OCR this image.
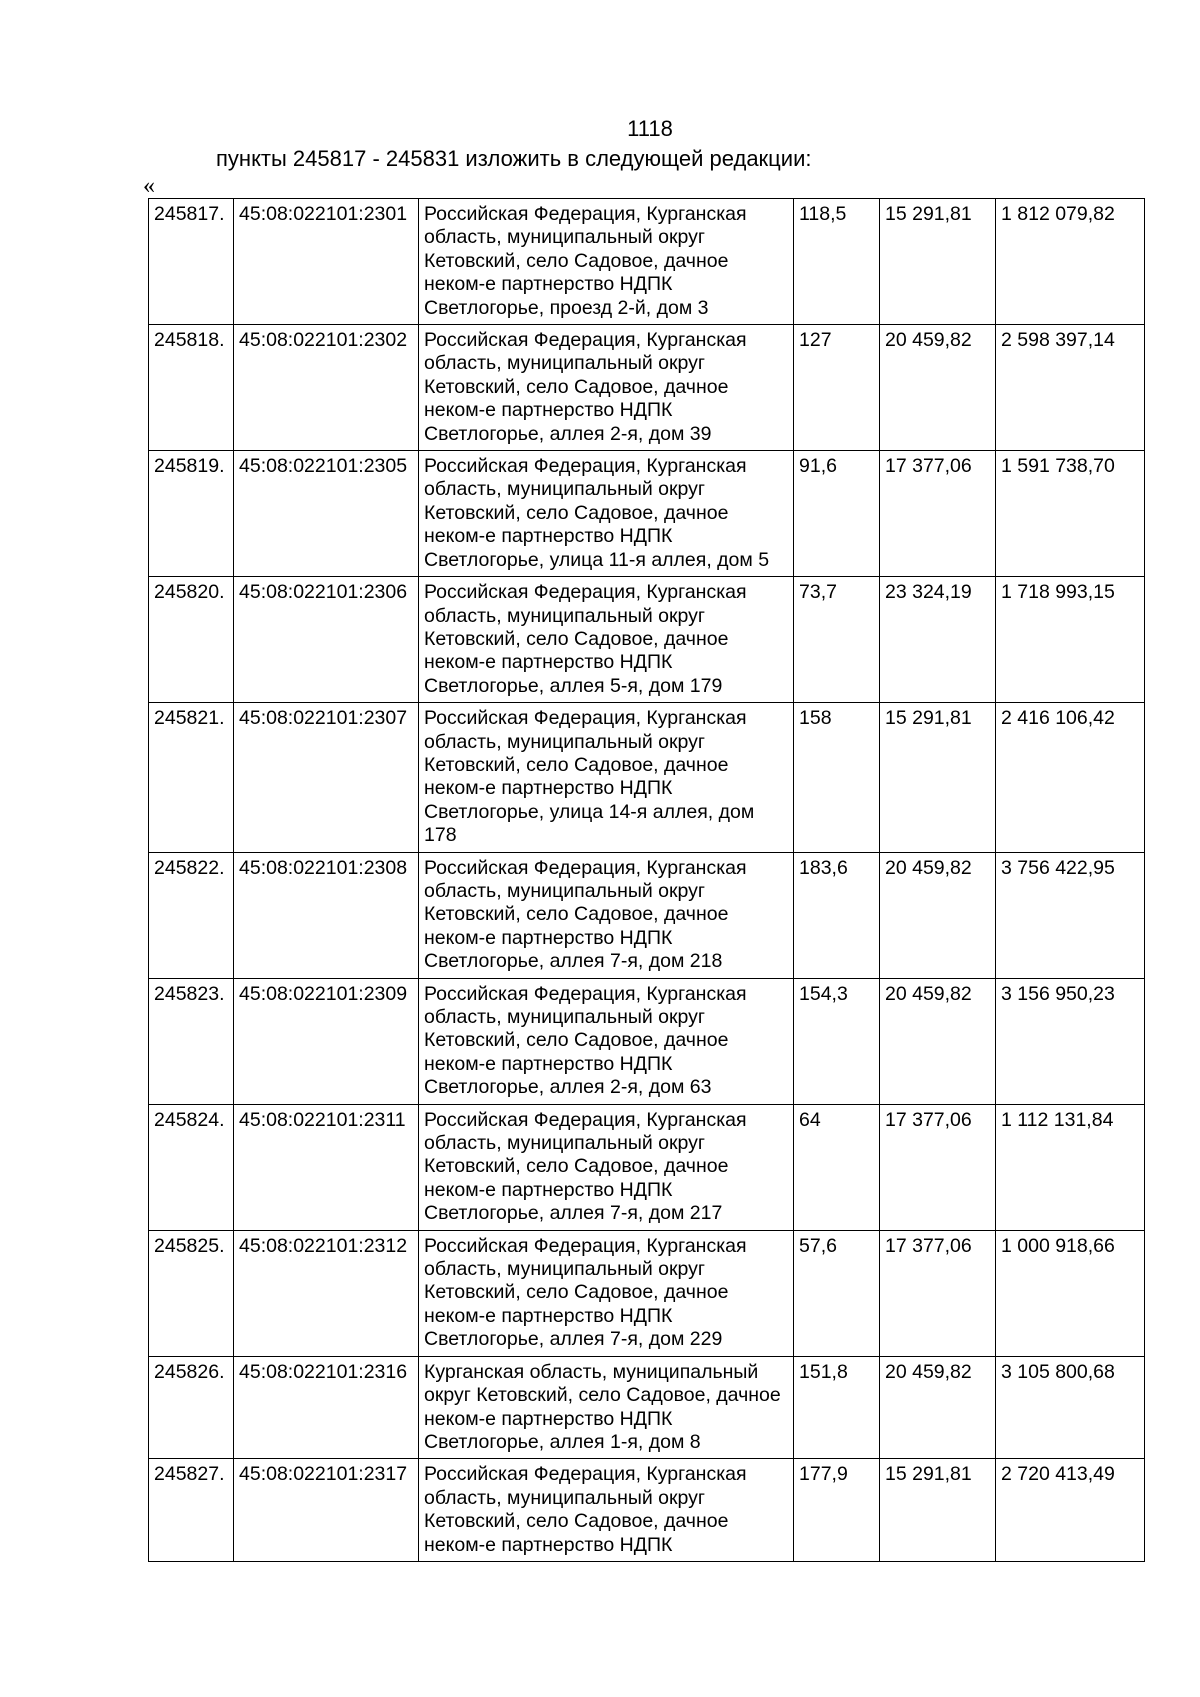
1118
пункты 245817 - 245831 изложить в следующей редакции:
«
245817.	45:08:022101:2301	Российская Федерация, Курганская область, муниципальный округ Кетовский, село Садовое, дачное неком-е партнерство НДПК Светлогорье, проезд 2-й, дом 3	118,5	15 291,81	1 812 079,82

245818.	45:08:022101:2302	Российская Федерация, Курганская область, муниципальный округ Кетовский, село Садовое, дачное неком-е партнерство НДПК Светлогорье, аллея 2-я, дом 39	127	20 459,82	2 598 397,14

245819.	45:08:022101:2305	Российская Федерация, Курганская область, муниципальный округ Кетовский, село Садовое, дачное неком-е партнерство НДПК Светлогорье, улица 11-я аллея, дом 5	91,6	17 377,06	1 591 738,70

245820.	45:08:022101:2306	Российская Федерация, Курганская область, муниципальный округ Кетовский, село Садовое, дачное неком-е партнерство НДПК Светлогорье, аллея 5-я, дом 179	73,7	23 324,19	1 718 993,15

245821.	45:08:022101:2307	Российская Федерация, Курганская область, муниципальный округ Кетовский, село Садовое, дачное неком-е партнерство НДПК Светлогорье, улица 14-я аллея, дом 178	158	15 291,81	2 416 106,42

245822.	45:08:022101:2308	Российская Федерация, Курганская область, муниципальный округ Кетовский, село Садовое, дачное неком-е партнерство НДПК Светлогорье, аллея 7-я, дом 218	183,6	20 459,82	3 756 422,95

245823.	45:08:022101:2309	Российская Федерация, Курганская область, муниципальный округ Кетовский, село Садовое, дачное неком-е партнерство НДПК Светлогорье, аллея 2-я, дом 63	154,3	20 459,82	3 156 950,23

245824.	45:08:022101:2311	Российская Федерация, Курганская область, муниципальный округ Кетовский, село Садовое, дачное неком-е партнерство НДПК Светлогорье, аллея 7-я, дом 217	64	17 377,06	1 112 131,84

245825.	45:08:022101:2312	Российская Федерация, Курганская область, муниципальный округ Кетовский, село Садовое, дачное неком-е партнерство НДПК Светлогорье, аллея 7-я, дом 229	57,6	17 377,06	1 000 918,66

245826.	45:08:022101:2316	Курганская область, муниципальный округ Кетовский, село Садовое, дачное неком-е партнерство НДПК Светлогорье, аллея 1-я, дом 8	151,8	20 459,82	3 105 800,68

245827.	45:08:022101:2317	Российская Федерация, Курганская область, муниципальный округ Кетовский, село Садовое, дачное неком-е партнерство НДПК	177,9	15 291,81	2 720 413,49
